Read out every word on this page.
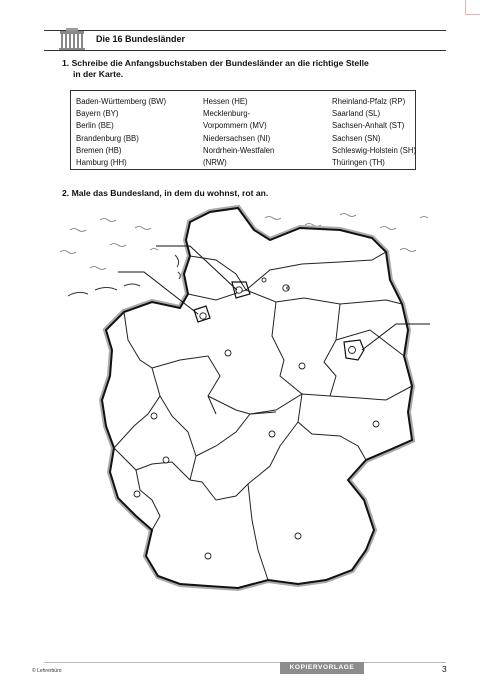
Die 16 Bundesländer
1. Schreibe die Anfangsbuchstaben der Bundesländer an die richtige Stelle
in der Karte.
Baden-Württemberg (BW)
Bayern (BY)
Berlin (BE)
Brandenburg (BB)
Bremen (HB)
Hamburg (HH)
Hessen (HE)
Mecklenburg-
Vorpommern (MV)
Niedersachsen (NI)
Nordrhein-Westfalen
(NRW)
Rheinland-Pfalz (RP)
Saarland (SL)
Sachsen-Anhalt (ST)
Sachsen (SN)
Schleswig-Holstein (SH)
Thüringen (TH)
2. Male das Bundesland, in dem du wohnst, rot an.
© Lehrerbüro	KOPIERVORLAGE	3
